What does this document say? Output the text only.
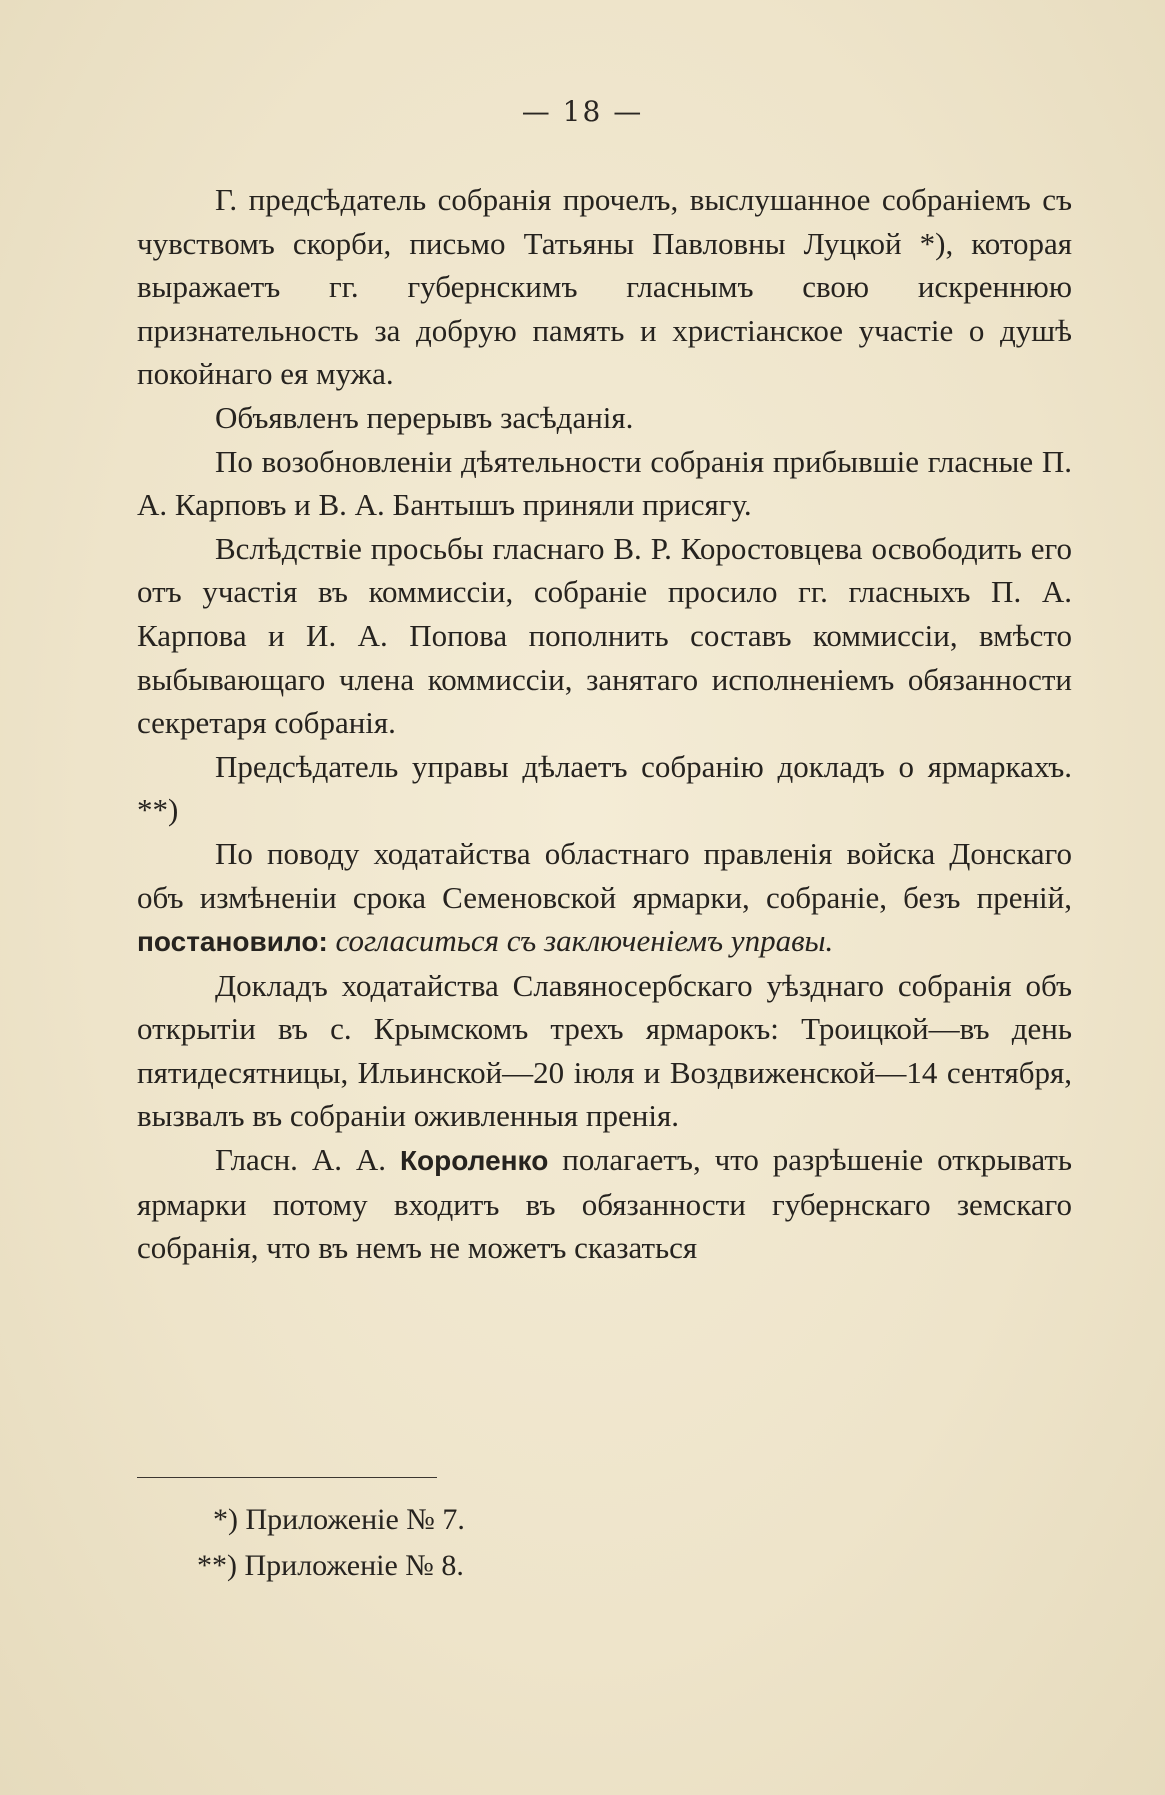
— 18 —

Г. предсѣдатель собранія прочелъ, выслушанное собраніемъ съ чувствомъ скорби, письмо Татьяны Павловны Луцкой *), которая выражаетъ гг. губернскимъ гласнымъ свою искреннюю признательность за добрую память и христіанское участіе о душѣ покойнаго ея мужа.

Объявленъ перерывъ засѣданія.

По возобновленіи дѣятельности собранія прибывшіе гласные П. А. Карповъ и В. А. Бантышъ приняли присягу.

Вслѣдствіе просьбы гласнаго В. Р. Коростовцева освободить его отъ участія въ коммиссіи, собраніе просило гг. гласныхъ П. А. Карпова и И. А. Попова пополнить составъ коммиссіи, вмѣсто выбывающаго члена коммиссіи, занятаго исполненіемъ обязанности секретаря собранія.

Предсѣдатель управы дѣлаетъ собранію докладъ о ярмаркахъ. **)

По поводу ходатайства областнаго правленія войска Донскаго объ измѣненіи срока Семеновской ярмарки, собраніе, безъ преній, постановило: согласиться съ заключеніемъ управы.

Докладъ ходатайства Славяносербскаго уѣзднаго собранія объ открытіи въ с. Крымскомъ трехъ ярмарокъ: Троицкой—въ день пятидесятницы, Ильинской—20 іюля и Воздвиженской—14 сентября, вызвалъ въ собраніи оживленныя пренія.

Гласн. А. А. Короленко полагаетъ, что разрѣшеніе открывать ярмарки потому входитъ въ обязанности губернскаго земскаго собранія, что въ немъ не можетъ сказаться

*) Приложеніе № 7.
**) Приложеніе № 8.
